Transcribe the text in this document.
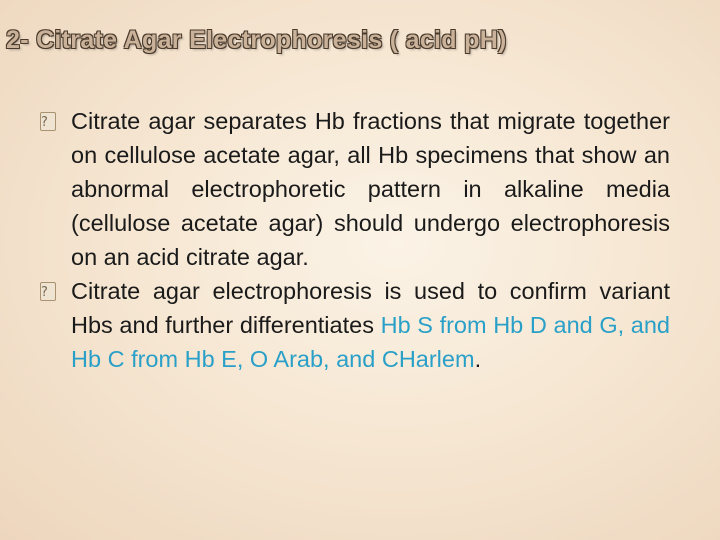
2- Citrate Agar Electrophoresis ( acid pH)
? Citrate agar separates Hb fractions that migrate together on cellulose acetate agar, all Hb specimens that show an abnormal electrophoretic pattern in alkaline media (cellulose acetate agar) should undergo electrophoresis on an acid citrate agar.
? Citrate agar electrophoresis is used to confirm variant Hbs and further differentiates Hb S from Hb D and G, and Hb C from Hb E, O Arab, and CHarlem.
